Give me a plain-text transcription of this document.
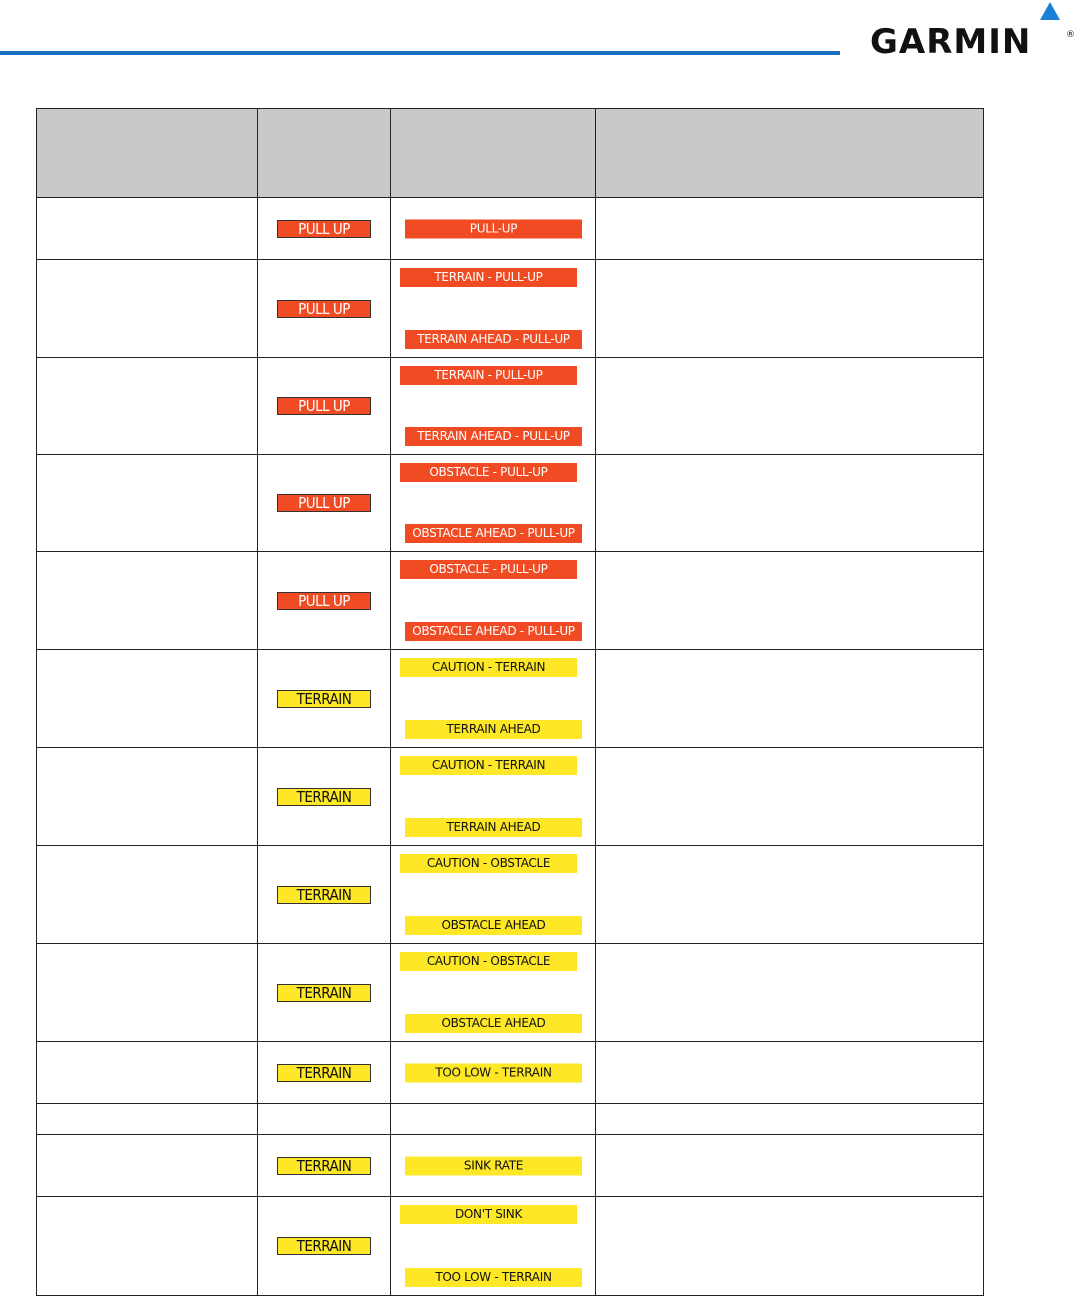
GARMIN	®

	PULL UP	PULL-UP	

	PULL UP	TERRAIN - PULL-UP
TERRAIN AHEAD - PULL-UP	

	PULL UP	TERRAIN - PULL-UP
TERRAIN AHEAD - PULL-UP	

	PULL UP	OBSTACLE - PULL-UP
OBSTACLE AHEAD - PULL-UP	

	PULL UP	OBSTACLE - PULL-UP
OBSTACLE AHEAD - PULL-UP	

	TERRAIN	CAUTION - TERRAIN
TERRAIN AHEAD	

	TERRAIN	CAUTION - TERRAIN
TERRAIN AHEAD	

	TERRAIN	CAUTION - OBSTACLE
OBSTACLE AHEAD	

	TERRAIN	CAUTION - OBSTACLE
OBSTACLE AHEAD	

	TERRAIN	TOO LOW - TERRAIN	

	TERRAIN	SINK RATE	

	TERRAIN	DON'T SINK
TOO LOW - TERRAIN	
